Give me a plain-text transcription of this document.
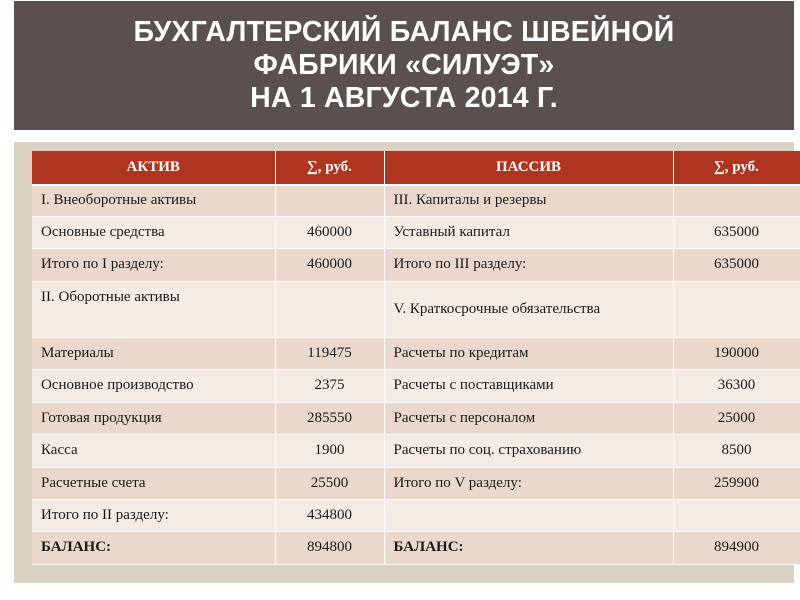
БУХГАЛТЕРСКИЙ БАЛАНС ШВЕЙНОЙ
ФАБРИКИ «СИЛУЭТ»
НА 1 АВГУСТА 2014 Г.
АКТИВ	∑, руб.	ПАССИВ	∑, руб.
I. Внеоборотные активы		III. Капиталы и резервы	
Основные средства	460000	Уставный капитал	635000
Итого по I разделу:	460000	Итого по III разделу:	635000
II. Оборотные активы		V. Краткосрочные обязательства	
Материалы	119475	Расчеты по кредитам	190000
Основное производство	2375	Расчеты с поставщиками	36300
Готовая продукция	285550	Расчеты с персоналом	25000
Касса	1900	Расчеты по соц. страхованию	8500
Расчетные счета	25500	Итого по V разделу:	259900
Итого по II разделу:	434800		
БАЛАНС:	894800	БАЛАНС:	894900
